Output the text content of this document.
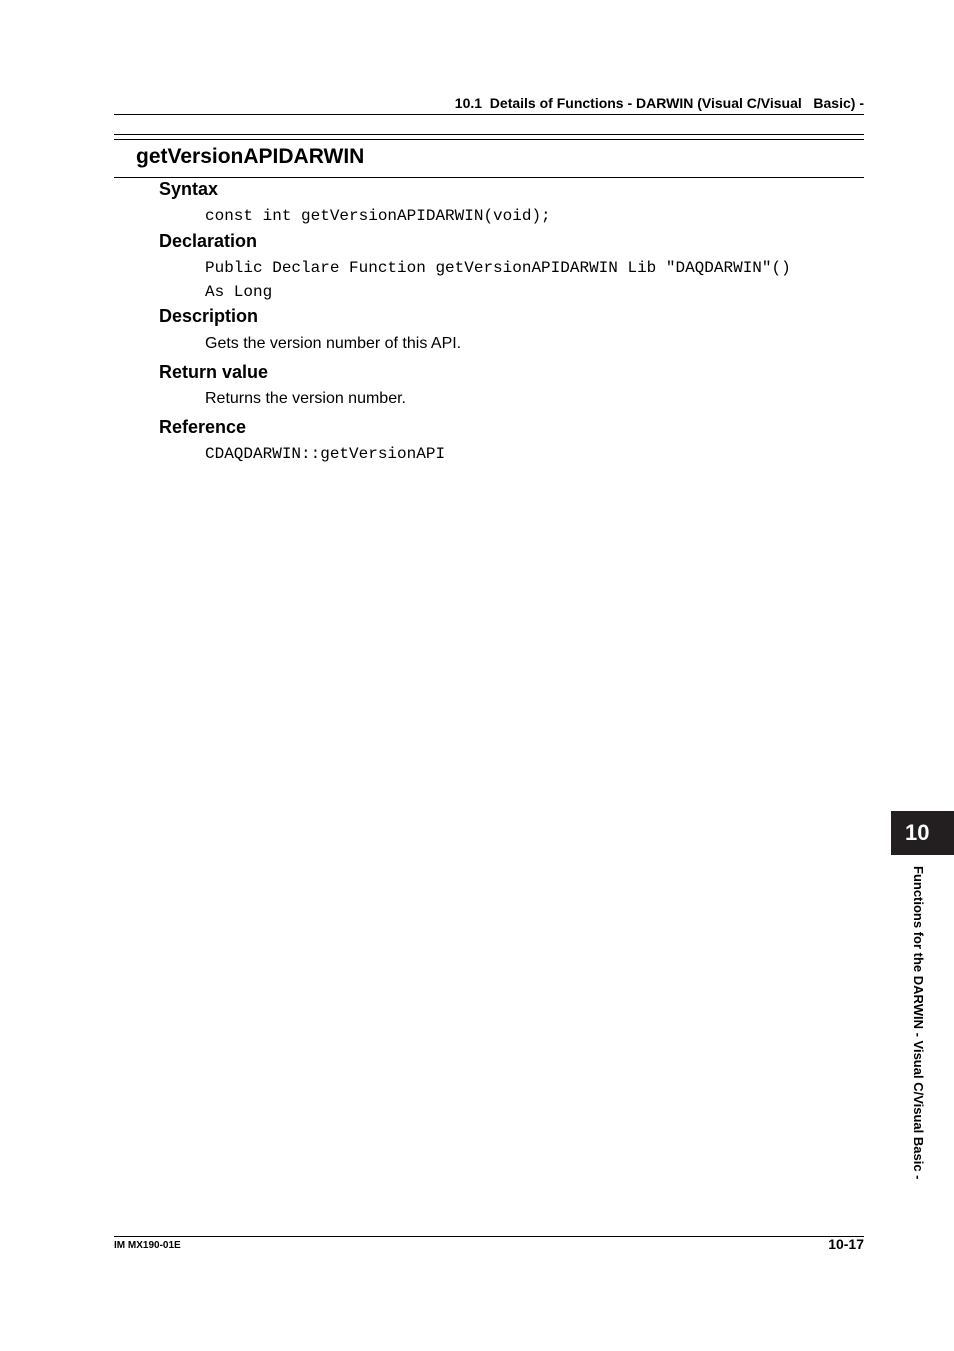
10.1  Details of Functions - DARWIN (Visual C/Visual   Basic) -
getVersionAPIDARWIN
Syntax
const int getVersionAPIDARWIN(void);
Declaration
Public Declare Function getVersionAPIDARWIN Lib "DAQDARWIN"()
As Long
Description
Gets the version number of this API.
Return value
Returns the version number.
Reference
CDAQDARWIN::getVersionAPI
10
Functions for the DARWIN - Visual C/Visual Basic -
IM MX190-01E	10-17
